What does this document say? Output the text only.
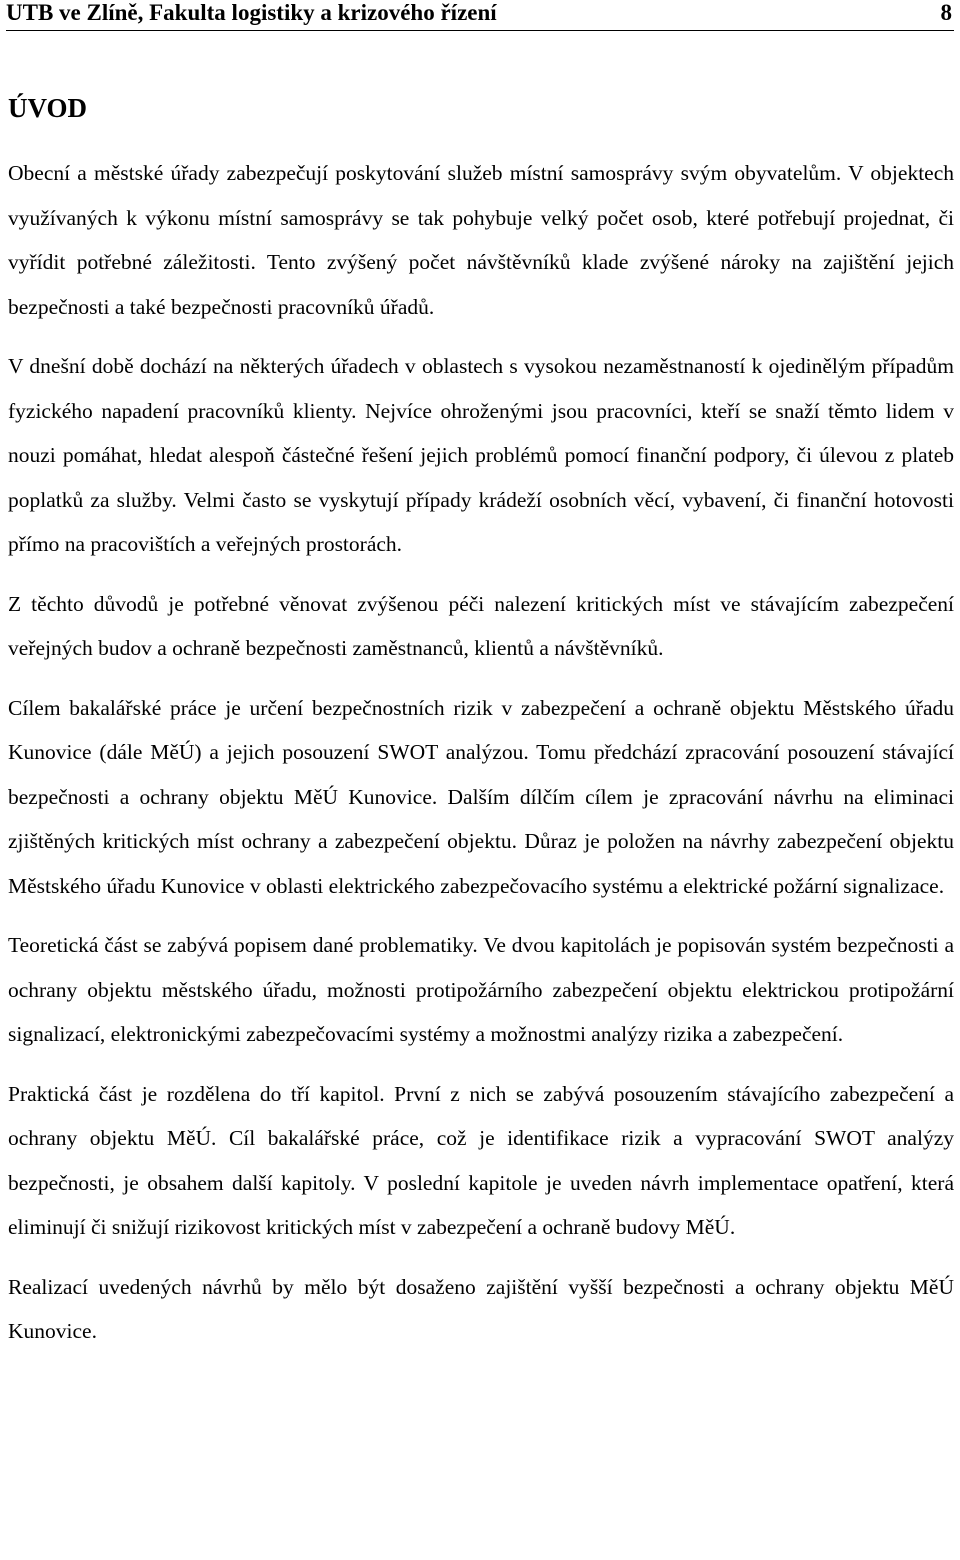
UTB ve Zlíně, Fakulta logistiky a krizového řízení	8
ÚVOD

Obecní a městské úřady zabezpečují poskytování služeb místní samosprávy svým obyvatelům. V objektech využívaných k výkonu místní samosprávy se tak pohybuje velký počet osob, které potřebují projednat, či vyřídit potřebné záležitosti. Tento zvýšený počet návštěvníků klade zvýšené nároky na zajištění jejich bezpečnosti a také bezpečnosti pracovníků úřadů.

V dnešní době dochází na některých úřadech v oblastech s vysokou nezaměstnaností k ojedinělým případům fyzického napadení pracovníků klienty. Nejvíce ohroženými jsou pracovníci, kteří se snaží těmto lidem v nouzi pomáhat, hledat alespoň částečné řešení jejich problémů pomocí finanční podpory, či úlevou z plateb poplatků za služby. Velmi často se vyskytují případy krádeží osobních věcí, vybavení, či finanční hotovosti přímo na pracovištích a veřejných prostorách.

Z těchto důvodů je potřebné věnovat zvýšenou péči nalezení kritických míst ve stávajícím zabezpečení veřejných budov a ochraně bezpečnosti zaměstnanců, klientů a návštěvníků.

Cílem bakalářské práce je určení bezpečnostních rizik v zabezpečení a ochraně objektu Městského úřadu Kunovice (dále MěÚ) a jejich posouzení SWOT analýzou. Tomu předchází zpracování posouzení stávající bezpečnosti a ochrany objektu MěÚ Kunovice. Dalším dílčím cílem je zpracování návrhu na eliminaci zjištěných kritických míst ochrany a zabezpečení objektu. Důraz je položen na návrhy zabezpečení objektu Městského úřadu Kunovice v oblasti elektrického zabezpečovacího systému a elektrické požární signalizace.

Teoretická část se zabývá popisem dané problematiky. Ve dvou kapitolách je popisován systém bezpečnosti a ochrany objektu městského úřadu, možnosti protipožárního zabezpečení objektu elektrickou protipožární signalizací, elektronickými zabezpečovacími systémy a možnostmi analýzy rizika a zabezpečení.

Praktická část je rozdělena do tří kapitol. První z nich se zabývá posouzením stávajícího zabezpečení a ochrany objektu MěÚ. Cíl bakalářské práce, což je identifikace rizik a vypracování SWOT analýzy bezpečnosti, je obsahem další kapitoly. V poslední kapitole je uveden návrh implementace opatření, která eliminují či snižují rizikovost kritických míst v zabezpečení a ochraně budovy MěÚ.

Realizací uvedených návrhů by mělo být dosaženo zajištění vyšší bezpečnosti a ochrany objektu MěÚ Kunovice.
